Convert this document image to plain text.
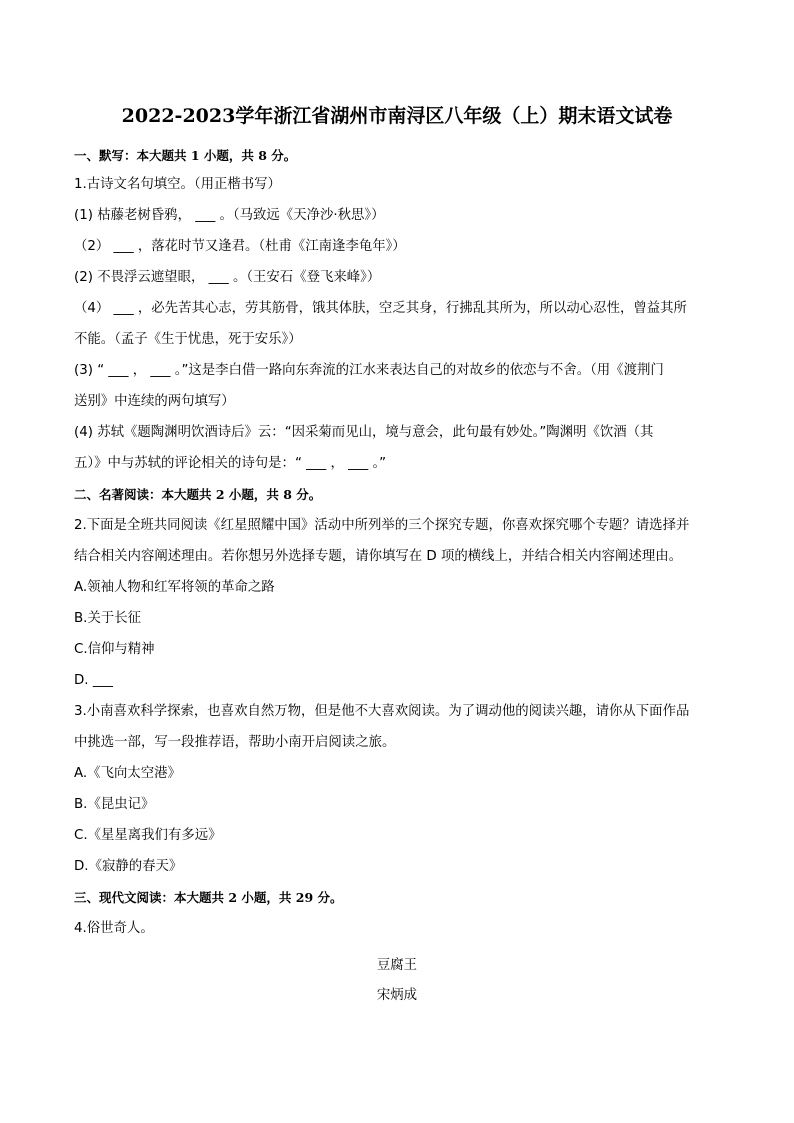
2022-2023学年浙江省湖州市南浔区八年级（上）期末语文试卷
一、默写：本大题共 1 小题，共 8 分。
1.古诗文名句填空。（用正楷书写）
(1) 枯藤老树昏鸦， ___ 。（马致远《天净沙·秋思》）
（2） ___ ，落花时节又逢君。（杜甫《江南逢李龟年》）
(2) 不畏浮云遮望眼， ___ 。（王安石《登飞来峰》）
（4） ___ ，必先苦其心志，劳其筋骨，饿其体肤，空乏其身，行拂乱其所为，所以动心忍性，曾益其所
不能。（孟子《生于忧患，死于安乐》）
(3) “ ___ ， ___ 。”这是李白借一路向东奔流的江水来表达自己的对故乡的依恋与不舍。（用《渡荆门
送别》中连续的两句填写）
(4) 苏轼《题陶渊明饮酒诗后》云：“因采菊而见山，境与意会，此句最有妙处。”陶渊明《饮酒（其
五）》中与苏轼的评论相关的诗句是：“ ___ ， ___ 。”
二、名著阅读：本大题共 2 小题，共 8 分。
2.下面是全班共同阅读《红星照耀中国》活动中所列举的三个探究专题，你喜欢探究哪个专题？请选择并
结合相关内容阐述理由。若你想另外选择专题，请你填写在 D 项的横线上，并结合相关内容阐述理由。
A.领袖人物和红军将领的革命之路
B.关于长征
C.信仰与精神
D. ___
3.小南喜欢科学探索，也喜欢自然万物，但是他不大喜欢阅读。为了调动他的阅读兴趣，请你从下面作品
中挑选一部，写一段推荐语，帮助小南开启阅读之旅。
A.《飞向太空港》
B.《昆虫记》
C.《星星离我们有多远》
D.《寂静的春天》
三、现代文阅读：本大题共 2 小题，共 29 分。
4.俗世奇人。
豆腐王
宋炳成
